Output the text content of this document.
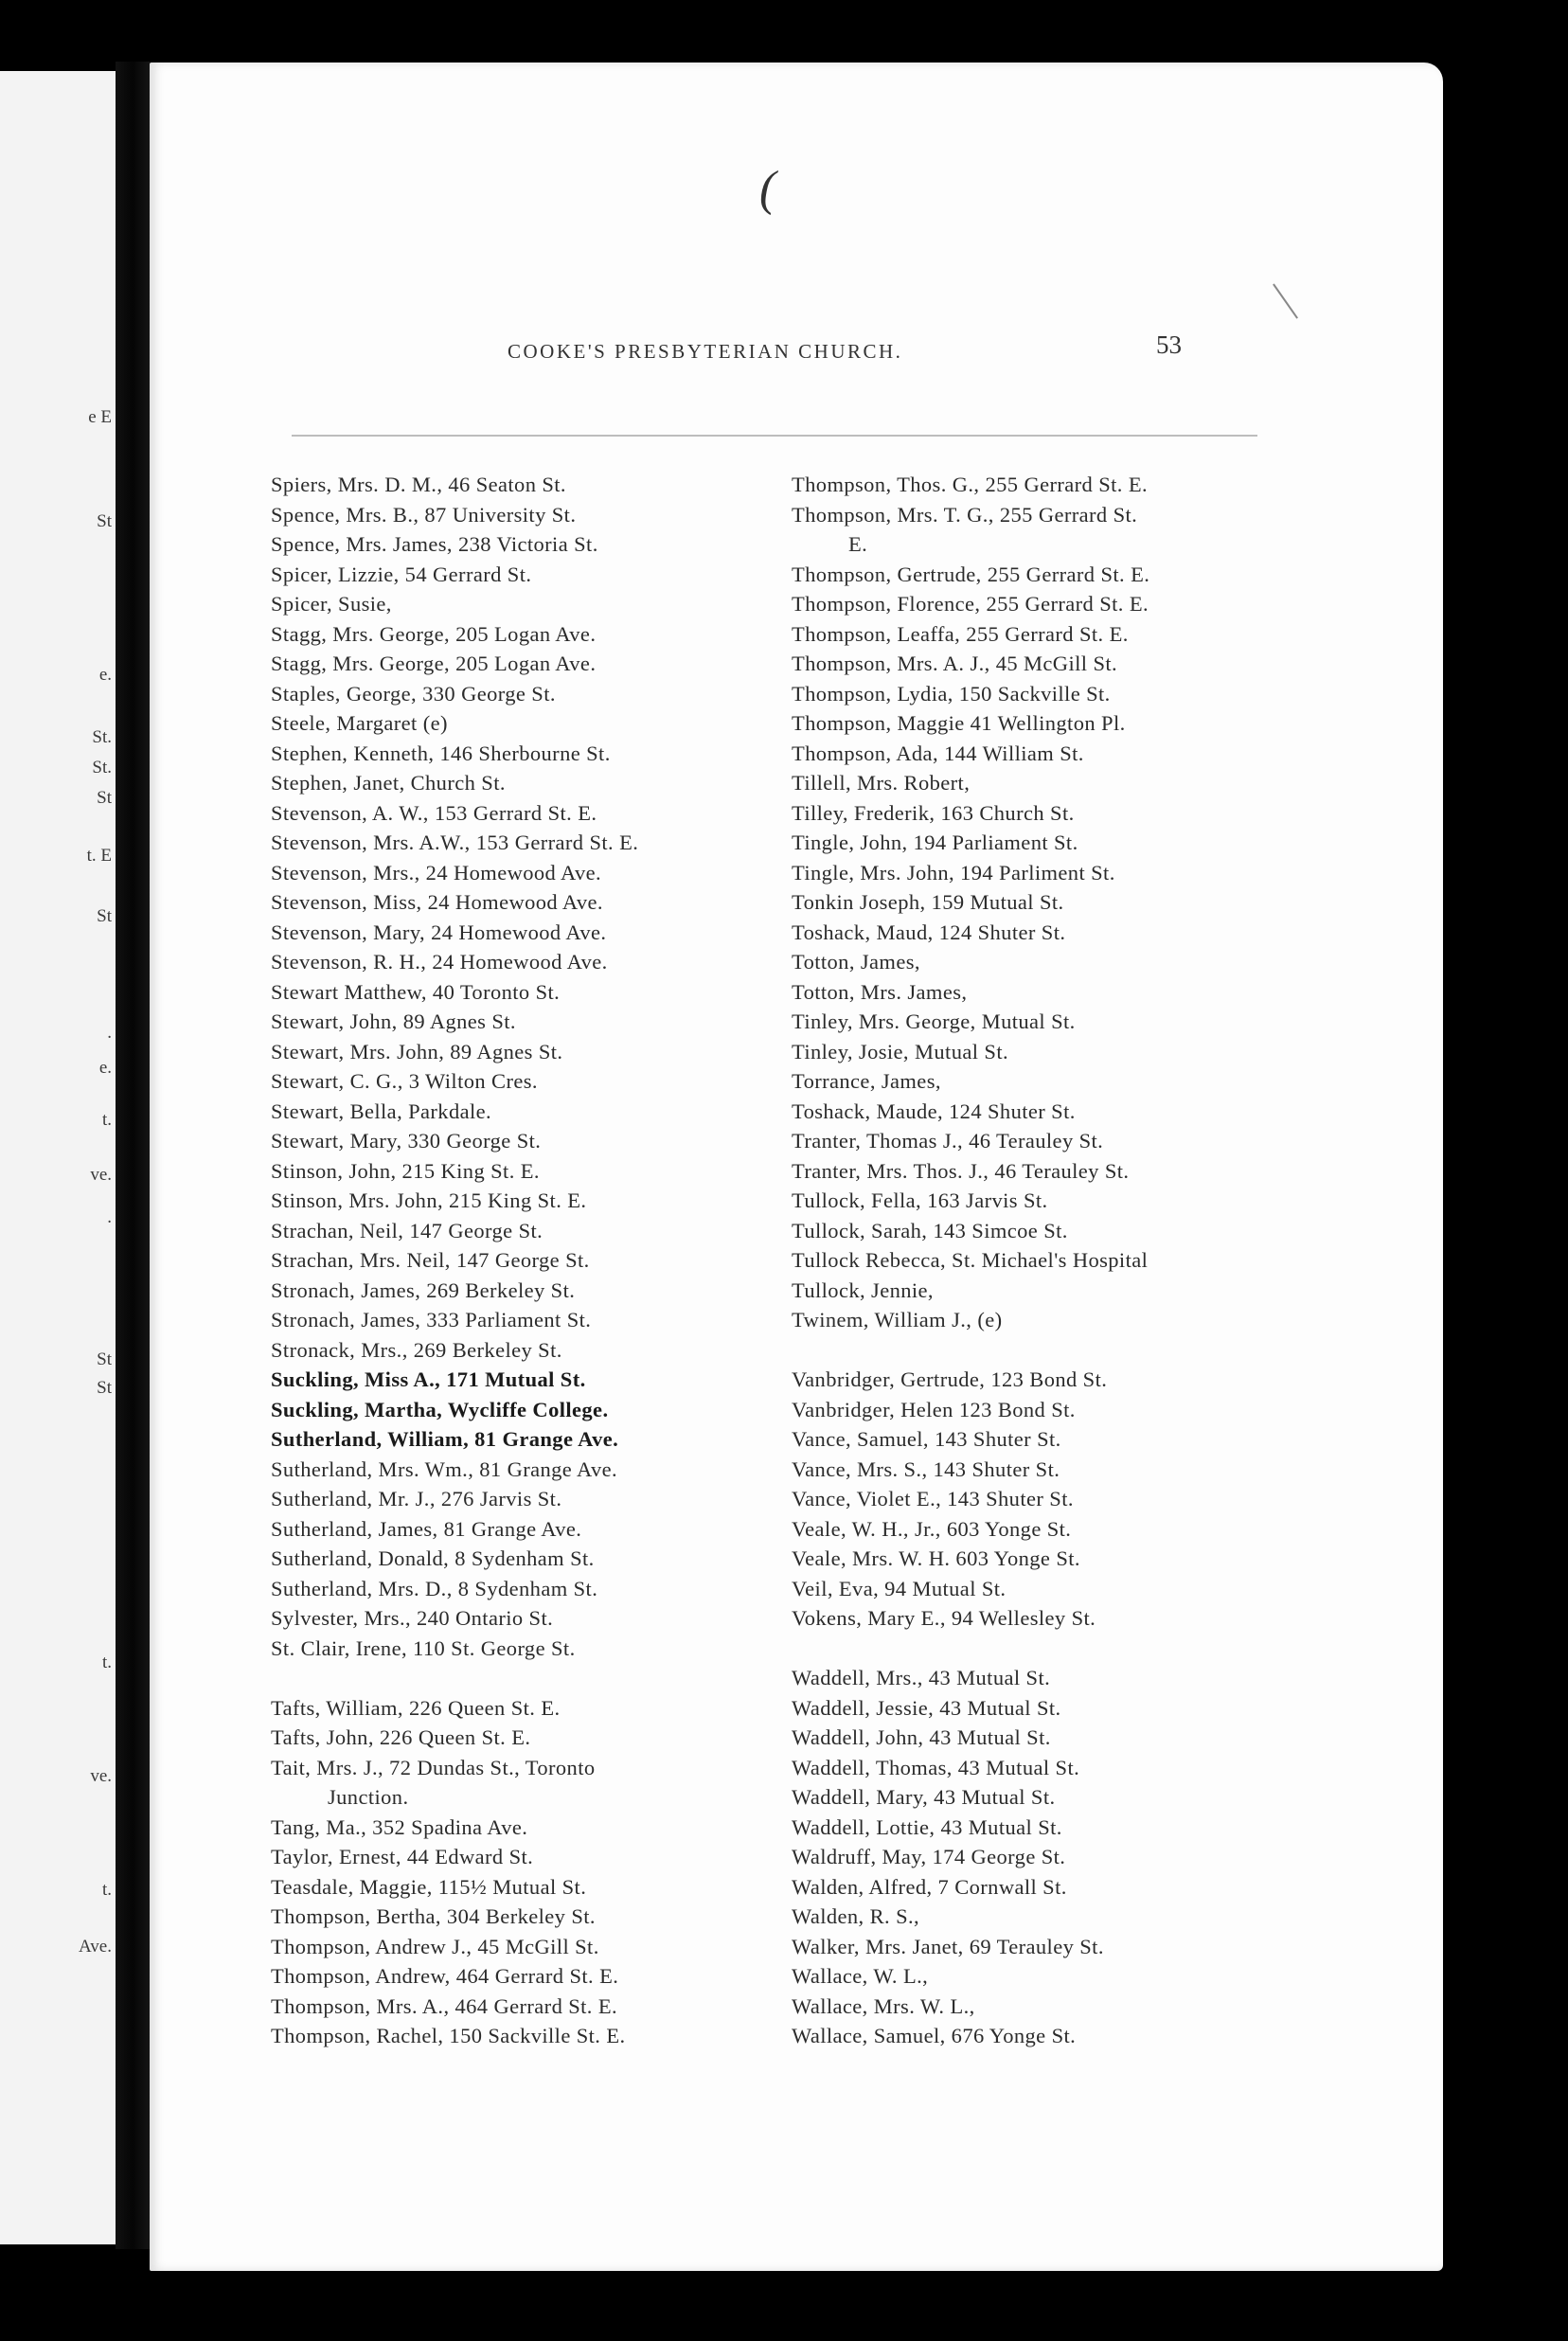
e E
St
e.
St.
St.
St
t. E
St
.
e.
t.
ve.
.
St
St
t.
ve.
t.
Ave.
(
COOKE'S PRESBYTERIAN CHURCH.	53
Spiers, Mrs. D. M., 46 Seaton St.
Spence, Mrs. B., 87 University St.
Spence, Mrs. James, 238 Victoria St.
Spicer, Lizzie, 54 Gerrard St.
Spicer, Susie,
Stagg, Mrs. George, 205 Logan Ave.
Stagg, Mrs. George, 205 Logan Ave.
Staples, George, 330 George St.
Steele, Margaret (e)
Stephen, Kenneth, 146 Sherbourne St.
Stephen, Janet, Church St.
Stevenson, A. W., 153 Gerrard St. E.
Stevenson, Mrs. A.W., 153 Gerrard St. E.
Stevenson, Mrs., 24 Homewood Ave.
Stevenson, Miss, 24 Homewood Ave.
Stevenson, Mary, 24 Homewood Ave.
Stevenson, R. H., 24 Homewood Ave.
Stewart Matthew, 40 Toronto St.
Stewart, John, 89 Agnes St.
Stewart, Mrs. John, 89 Agnes St.
Stewart, C. G., 3 Wilton Cres.
Stewart, Bella, Parkdale.
Stewart, Mary, 330 George St.
Stinson, John, 215 King St. E.
Stinson, Mrs. John, 215 King St. E.
Strachan, Neil, 147 George St.
Strachan, Mrs. Neil, 147 George St.
Stronach, James, 269 Berkeley St.
Stronach, James, 333 Parliament St.
Stronack, Mrs., 269 Berkeley St.
Suckling, Miss A., 171 Mutual St.
Suckling, Martha, Wycliffe College.
Sutherland, William, 81 Grange Ave.
Sutherland, Mrs. Wm., 81 Grange Ave.
Sutherland, Mr. J., 276 Jarvis St.
Sutherland, James, 81 Grange Ave.
Sutherland, Donald, 8 Sydenham St.
Sutherland, Mrs. D., 8 Sydenham St.
Sylvester, Mrs., 240 Ontario St.
St. Clair, Irene, 110 St. George St.
Tafts, William, 226 Queen St. E.
Tafts, John, 226 Queen St. E.
Tait, Mrs. J., 72 Dundas St., Toronto
Junction.
Tang, Ma., 352 Spadina Ave.
Taylor, Ernest, 44 Edward St.
Teasdale, Maggie, 115½ Mutual St.
Thompson, Bertha, 304 Berkeley St.
Thompson, Andrew J., 45 McGill St.
Thompson, Andrew, 464 Gerrard St. E.
Thompson, Mrs. A., 464 Gerrard St. E.
Thompson, Rachel, 150 Sackville St. E.
Thompson, Thos. G., 255 Gerrard St. E.
Thompson, Mrs. T. G., 255 Gerrard St.
E.
Thompson, Gertrude, 255 Gerrard St. E.
Thompson, Florence, 255 Gerrard St. E.
Thompson, Leaffa, 255 Gerrard St. E.
Thompson, Mrs. A. J., 45 McGill St.
Thompson, Lydia, 150 Sackville St.
Thompson, Maggie 41 Wellington Pl.
Thompson, Ada, 144 William St.
Tillell, Mrs. Robert,
Tilley, Frederik, 163 Church St.
Tingle, John, 194 Parliament St.
Tingle, Mrs. John, 194 Parliment St.
Tonkin Joseph, 159 Mutual St.
Toshack, Maud, 124 Shuter St.
Totton, James,
Totton, Mrs. James,
Tinley, Mrs. George, Mutual St.
Tinley, Josie, Mutual St.
Torrance, James,
Toshack, Maude, 124 Shuter St.
Tranter, Thomas J., 46 Terauley St.
Tranter, Mrs. Thos. J., 46 Terauley St.
Tullock, Fella, 163 Jarvis St.
Tullock, Sarah, 143 Simcoe St.
Tullock Rebecca, St. Michael's Hospital
Tullock, Jennie,
Twinem, William J., (e)
Vanbridger, Gertrude, 123 Bond St.
Vanbridger, Helen 123 Bond St.
Vance, Samuel, 143 Shuter St.
Vance, Mrs. S., 143 Shuter St.
Vance, Violet E., 143 Shuter St.
Veale, W. H., Jr., 603 Yonge St.
Veale, Mrs. W. H. 603 Yonge St.
Veil, Eva, 94 Mutual St.
Vokens, Mary E., 94 Wellesley St.
Waddell, Mrs., 43 Mutual St.
Waddell, Jessie, 43 Mutual St.
Waddell, John, 43 Mutual St.
Waddell, Thomas, 43 Mutual St.
Waddell, Mary, 43 Mutual St.
Waddell, Lottie, 43 Mutual St.
Waldruff, May, 174 George St.
Walden, Alfred, 7 Cornwall St.
Walden, R. S.,
Walker, Mrs. Janet, 69 Terauley St.
Wallace, W. L.,
Wallace, Mrs. W. L.,
Wallace, Samuel, 676 Yonge St.
